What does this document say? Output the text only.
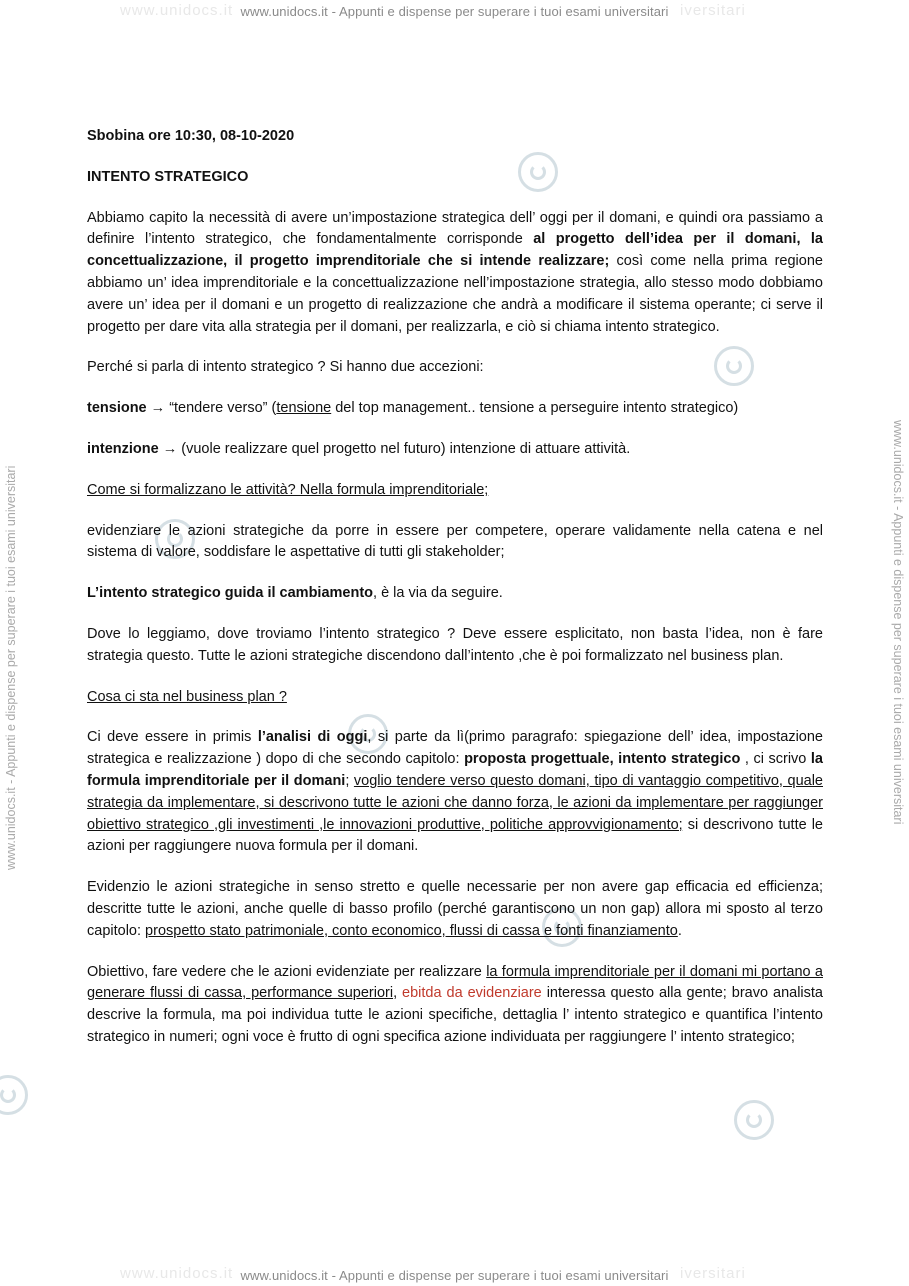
www.unidocs.it	iversitari
www.unidocs.it	iversitari
www.unidocs.it - Appunti e dispense per superare i tuoi esami universitari
www.unidocs.it - Appunti e dispense per superare i tuoi esami universitari
www.unidocs.it - Appunti e dispense per superare i tuoi esami universitari	www.unidocs.it - Appunti e dispense per superare i tuoi esami universitari

Sbobina ore 10:30, 08-10-2020

INTENTO STRATEGICO

Abbiamo capito la necessità di avere un’impostazione strategica dell’ oggi per il domani, e quindi ora passiamo a definire l’intento strategico, che fondamentalmente corrisponde al progetto dell’idea per il domani, la concettualizzazione, il progetto imprenditoriale che si intende realizzare; così come nella prima regione abbiamo un’ idea imprenditoriale e la concettualizzazione nell’impostazione strategia, allo stesso modo dobbiamo avere un’ idea per il domani e un progetto di realizzazione che andrà a modificare il sistema operante; ci serve il progetto per dare vita alla strategia per il domani, per realizzarla, e ciò si chiama intento strategico.

Perché si parla di intento strategico ? Si hanno due accezioni:

tensione → “tendere verso” (tensione del top management.. tensione a perseguire intento strategico)

intenzione → (vuole realizzare quel progetto nel futuro) intenzione di attuare attività.

Come si formalizzano le attività? Nella formula imprenditoriale;

evidenziare le azioni strategiche da porre in essere per competere, operare validamente nella catena e nel sistema di valore, soddisfare le aspettative di tutti gli stakeholder;

L’intento strategico guida il cambiamento, è la via da seguire.

Dove lo leggiamo, dove troviamo l’intento strategico ? Deve essere esplicitato, non basta l’idea, non è fare strategia questo. Tutte le azioni strategiche discendono dall’intento ,che è poi formalizzato nel business plan.

Cosa ci sta nel business plan ?

Ci deve essere in primis l’analisi di oggi, si parte da lì(primo paragrafo: spiegazione dell’ idea, impostazione strategica e realizzazione ) dopo di che secondo capitolo: proposta progettuale, intento strategico , ci scrivo la formula imprenditoriale per il domani; voglio tendere verso questo domani, tipo di vantaggio competitivo, quale strategia da implementare, si descrivono tutte le azioni che danno forza, le azioni da implementare per raggiunger obiettivo strategico ,gli investimenti ,le innovazioni produttive, politiche approvvigionamento; si descrivono tutte le azioni per raggiungere nuova formula per il domani.

Evidenzio le azioni strategiche in senso stretto e quelle necessarie per non avere gap efficacia ed efficienza; descritte tutte le azioni, anche quelle di basso profilo (perché garantiscono un non gap) allora mi sposto al terzo capitolo: prospetto stato patrimoniale, conto economico, flussi di cassa e fonti finanziamento.

Obiettivo, fare vedere che le azioni evidenziate per realizzare la formula imprenditoriale per il domani mi portano a generare flussi di cassa, performance superiori, ebitda da evidenziare interessa questo alla gente; bravo analista descrive la formula, ma poi individua tutte le azioni specifiche, dettaglia l’ intento strategico e quantifica l’intento strategico in numeri; ogni voce è frutto di ogni specifica azione individuata per raggiungere l’ intento strategico;
